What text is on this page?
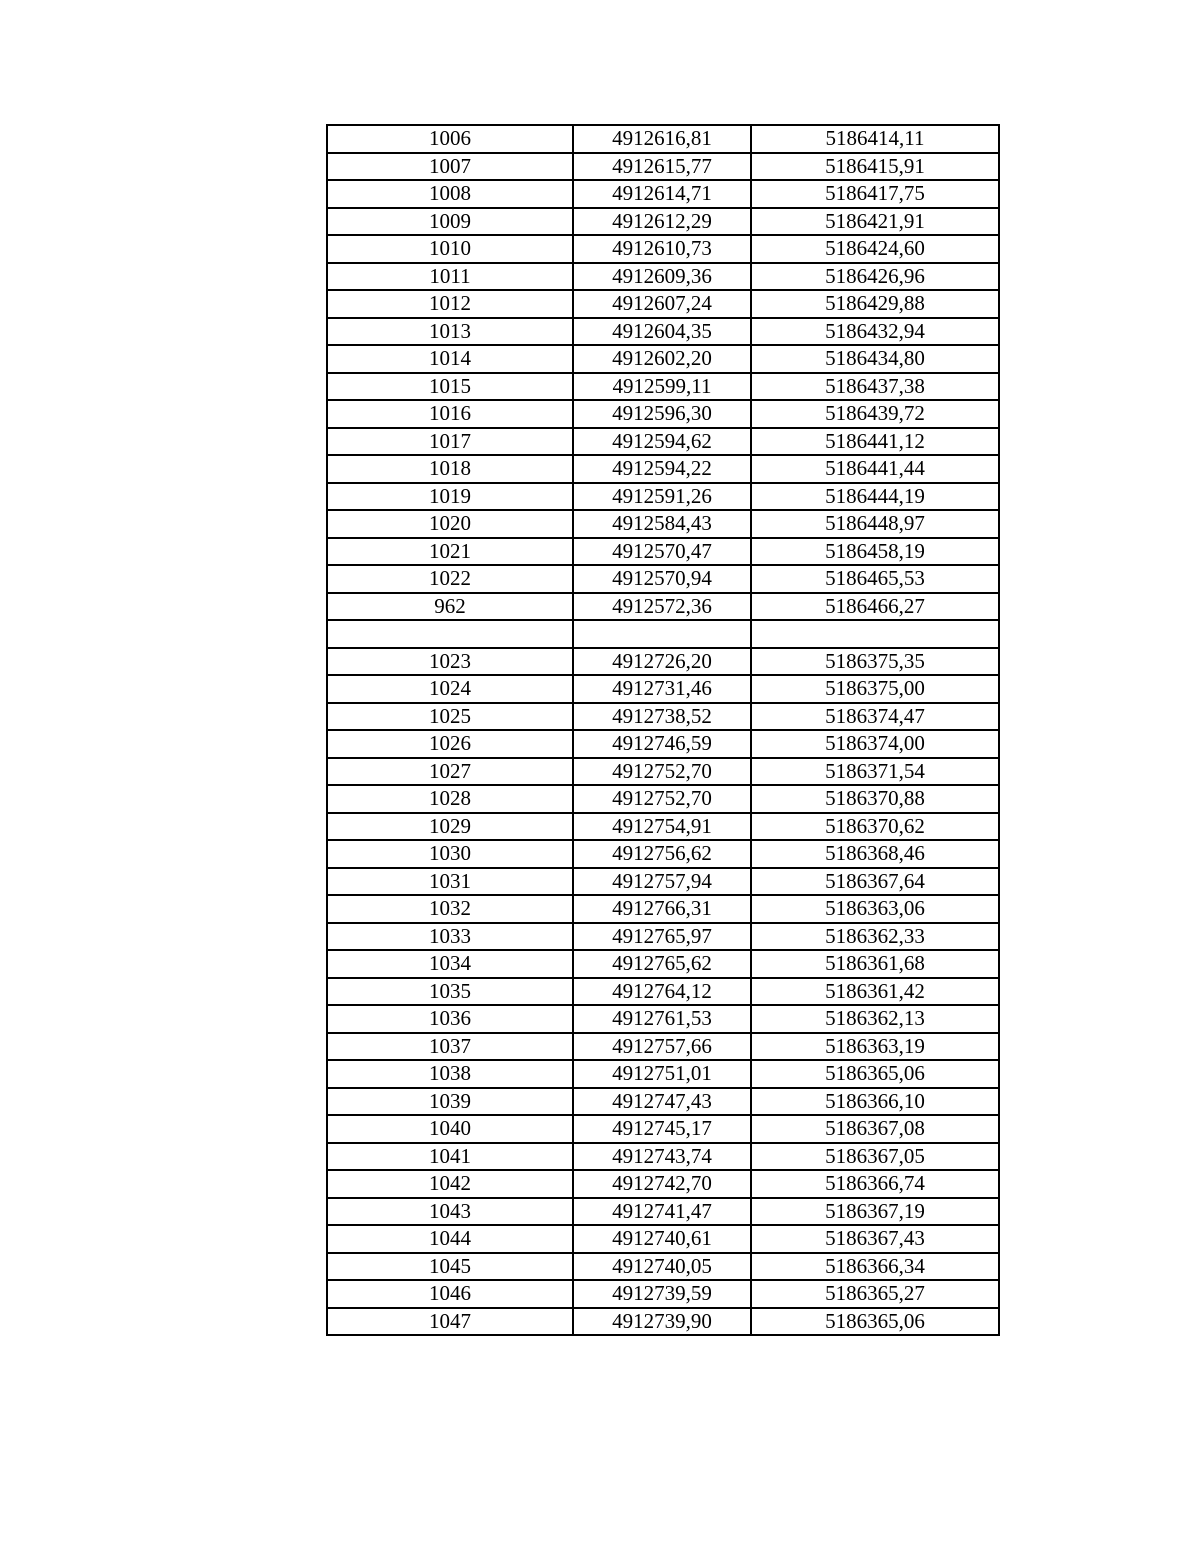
1006	4912616,81	5186414,11
1007	4912615,77	5186415,91
1008	4912614,71	5186417,75
1009	4912612,29	5186421,91
1010	4912610,73	5186424,60
1011	4912609,36	5186426,96
1012	4912607,24	5186429,88
1013	4912604,35	5186432,94
1014	4912602,20	5186434,80
1015	4912599,11	5186437,38
1016	4912596,30	5186439,72
1017	4912594,62	5186441,12
1018	4912594,22	5186441,44
1019	4912591,26	5186444,19
1020	4912584,43	5186448,97
1021	4912570,47	5186458,19
1022	4912570,94	5186465,53
962	4912572,36	5186466,27

1023	4912726,20	5186375,35
1024	4912731,46	5186375,00
1025	4912738,52	5186374,47
1026	4912746,59	5186374,00
1027	4912752,70	5186371,54
1028	4912752,70	5186370,88
1029	4912754,91	5186370,62
1030	4912756,62	5186368,46
1031	4912757,94	5186367,64
1032	4912766,31	5186363,06
1033	4912765,97	5186362,33
1034	4912765,62	5186361,68
1035	4912764,12	5186361,42
1036	4912761,53	5186362,13
1037	4912757,66	5186363,19
1038	4912751,01	5186365,06
1039	4912747,43	5186366,10
1040	4912745,17	5186367,08
1041	4912743,74	5186367,05
1042	4912742,70	5186366,74
1043	4912741,47	5186367,19
1044	4912740,61	5186367,43
1045	4912740,05	5186366,34
1046	4912739,59	5186365,27
1047	4912739,90	5186365,06
